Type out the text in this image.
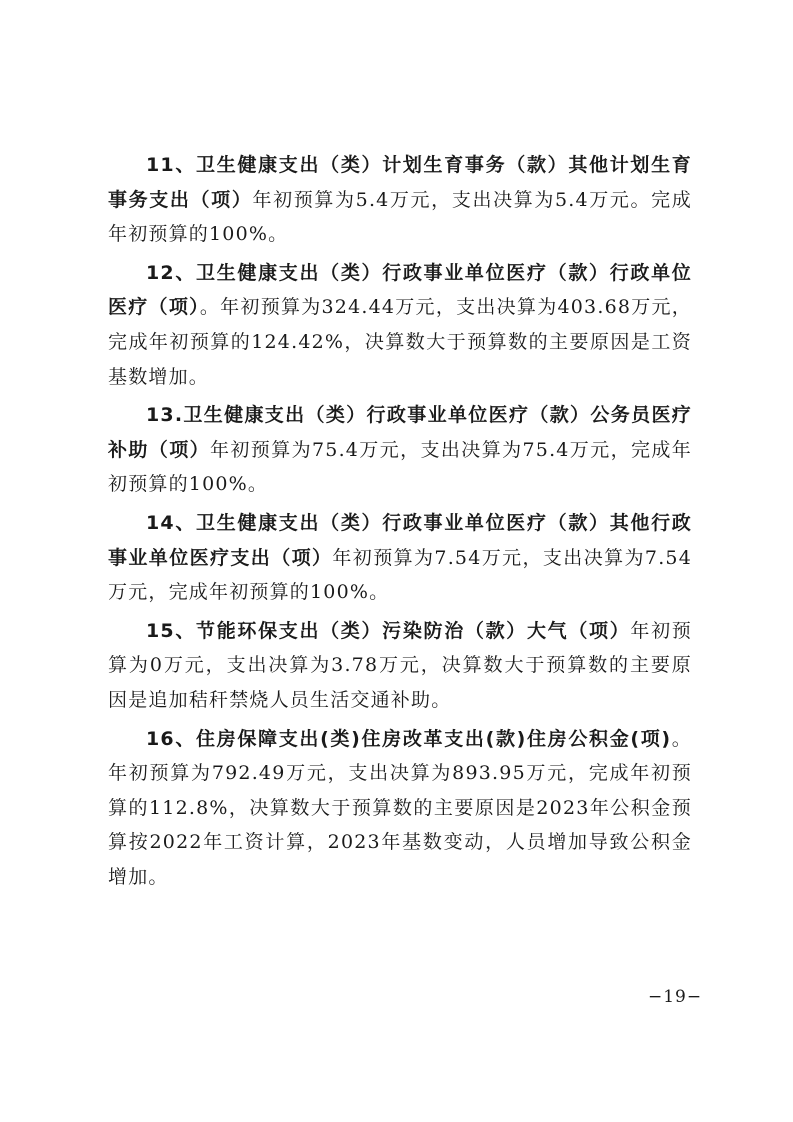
11、卫生健康支出（类）计划生育事务（款）其他计划生育事务支出（项）年初预算为5.4万元，支出决算为5.4万元。完成年初预算的100%。

12、卫生健康支出（类）行政事业单位医疗（款）行政单位医疗（项）。年初预算为324.44万元，支出决算为403.68万元，完成年初预算的124.42%，决算数大于预算数的主要原因是工资基数增加。

13.卫生健康支出（类）行政事业单位医疗（款）公务员医疗补助（项）年初预算为75.4万元，支出决算为75.4万元，完成年初预算的100%。

14、卫生健康支出（类）行政事业单位医疗（款）其他行政事业单位医疗支出（项）年初预算为7.54万元，支出决算为7.54万元，完成年初预算的100%。

15、节能环保支出（类）污染防治（款）大气（项）年初预算为0万元，支出决算为3.78万元，决算数大于预算数的主要原因是追加秸秆禁烧人员生活交通补助。

16、住房保障支出(类)住房改革支出(款)住房公积金(项)。年初预算为792.49万元，支出决算为893.95万元，完成年初预算的112.8%，决算数大于预算数的主要原因是2023年公积金预算按2022年工资计算，2023年基数变动，人员增加导致公积金增加。

−19−
